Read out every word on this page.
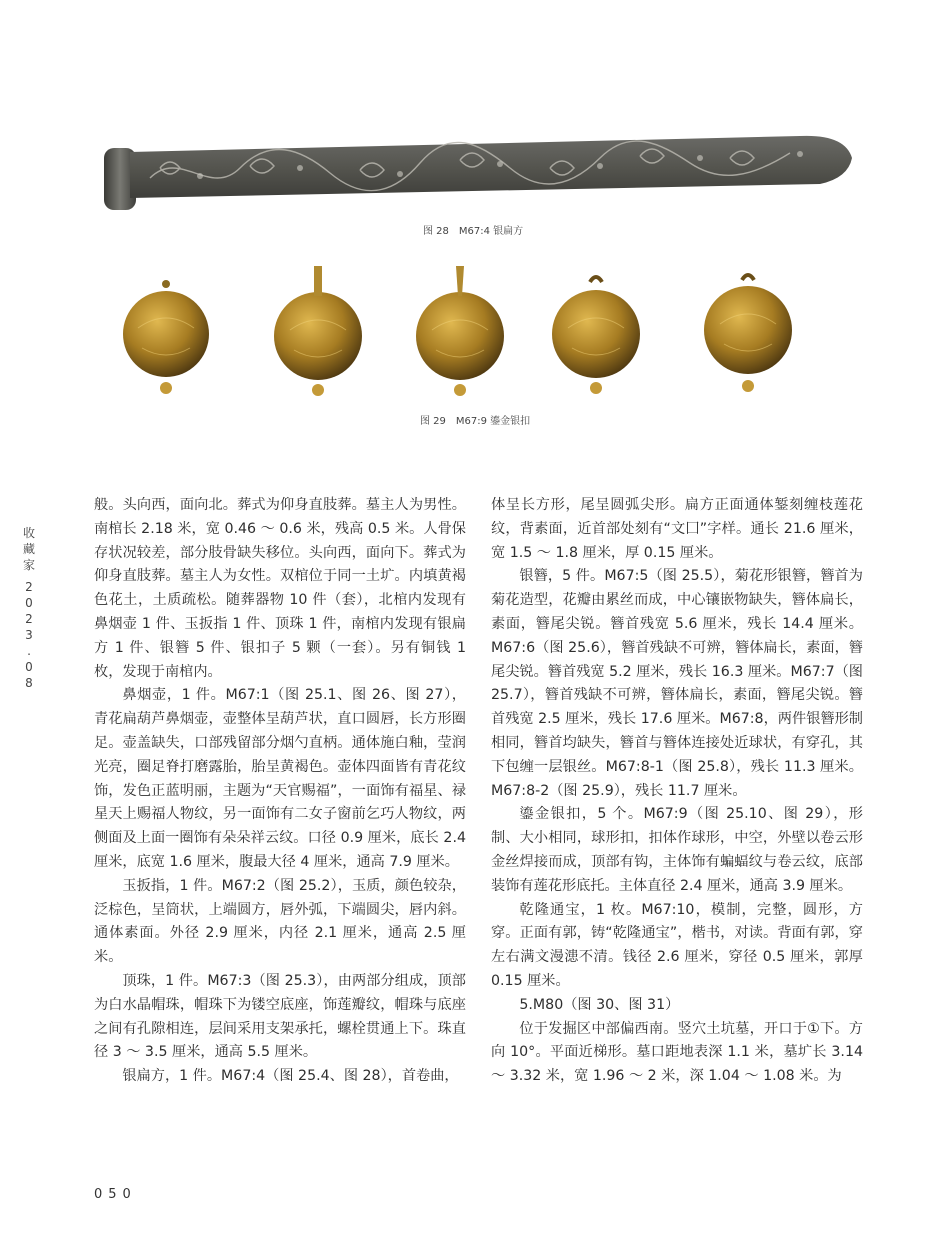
收
藏
家
2
0
2
3
.
0
8
图 28　M67:4 银扁方
图 29　M67:9 鎏金银扣

般。头向西，面向北。葬式为仰身直肢葬。墓主人为男性。南棺长 2.18 米，宽 0.46 ～ 0.6 米，残高 0.5 米。人骨保存状况较差，部分肢骨缺失移位。头向西，面向下。葬式为仰身直肢葬。墓主人为女性。双棺位于同一土圹。内填黄褐色花土，土质疏松。随葬器物 10 件（套），北棺内发现有鼻烟壶 1 件、玉扳指 1 件、顶珠 1 件，南棺内发现有银扁方 1 件、银簪 5 件、银扣子 5 颗（一套）。另有铜钱 1 枚，发现于南棺内。

鼻烟壶，1 件。M67:1（图 25.1、图 26、图 27），青花扁葫芦鼻烟壶，壶整体呈葫芦状，直口圆唇，长方形圈足。壶盖缺失，口部残留部分烟勺直柄。通体施白釉，莹润光亮，圈足脊打磨露胎，胎呈黄褐色。壶体四面皆有青花纹饰，发色正蓝明丽，主题为“天官赐福”，一面饰有福星、禄星天上赐福人物纹，另一面饰有二女子窗前乞巧人物纹，两侧面及上面一圈饰有朵朵祥云纹。口径 0.9 厘米，底长 2.4 厘米，底宽 1.6 厘米，腹最大径 4 厘米，通高 7.9 厘米。

玉扳指，1 件。M67:2（图 25.2），玉质，颜色较杂，泛棕色，呈筒状，上端圆方，唇外弧，下端圆尖，唇内斜。通体素面。外径 2.9 厘米，内径 2.1 厘米，通高 2.5 厘米。

顶珠，1 件。M67:3（图 25.3），由两部分组成，顶部为白水晶帽珠，帽珠下为镂空底座，饰莲瓣纹，帽珠与底座之间有孔隙相连，层间采用支架承托，螺栓贯通上下。珠直径 3 ～ 3.5 厘米，通高 5.5 厘米。

银扁方，1 件。M67:4（图 25.4、图 28），首卷曲，

体呈长方形，尾呈圆弧尖形。扁方正面通体錾刻缠枝莲花纹，背素面，近首部处刻有“文囗”字样。通长 21.6 厘米，宽 1.5 ～ 1.8 厘米，厚 0.15 厘米。

银簪，5 件。M67:5（图 25.5），菊花形银簪，簪首为菊花造型，花瓣由累丝而成，中心镶嵌物缺失，簪体扁长，素面，簪尾尖锐。簪首残宽 5.6 厘米，残长 14.4 厘米。M67:6（图 25.6），簪首残缺不可辨，簪体扁长，素面，簪尾尖锐。簪首残宽 5.2 厘米，残长 16.3 厘米。M67:7（图 25.7），簪首残缺不可辨，簪体扁长，素面，簪尾尖锐。簪首残宽 2.5 厘米，残长 17.6 厘米。M67:8，两件银簪形制相同，簪首均缺失，簪首与簪体连接处近球状，有穿孔，其下包缠一层银丝。M67:8-1（图 25.8），残长 11.3 厘米。M67:8-2（图 25.9），残长 11.7 厘米。

鎏金银扣，5 个。M67:9（图 25.10、图 29），形制、大小相同，球形扣，扣体作球形，中空，外壁以卷云形金丝焊接而成，顶部有钩，主体饰有蝙蝠纹与卷云纹，底部装饰有莲花形底托。主体直径 2.4 厘米，通高 3.9 厘米。

乾隆通宝，1 枚。M67:10，模制，完整，圆形，方穿。正面有郭，铸“乾隆通宝”，楷书，对读。背面有郭，穿左右满文漫漶不清。钱径 2.6 厘米，穿径 0.5 厘米，郭厚 0.15 厘米。

5.M80（图 30、图 31）

位于发掘区中部偏西南。竖穴土坑墓，开口于①下。方向 10°。平面近梯形。墓口距地表深 1.1 米，墓圹长 3.14 ～ 3.32 米，宽 1.96 ～ 2 米，深 1.04 ～ 1.08 米。为

050
